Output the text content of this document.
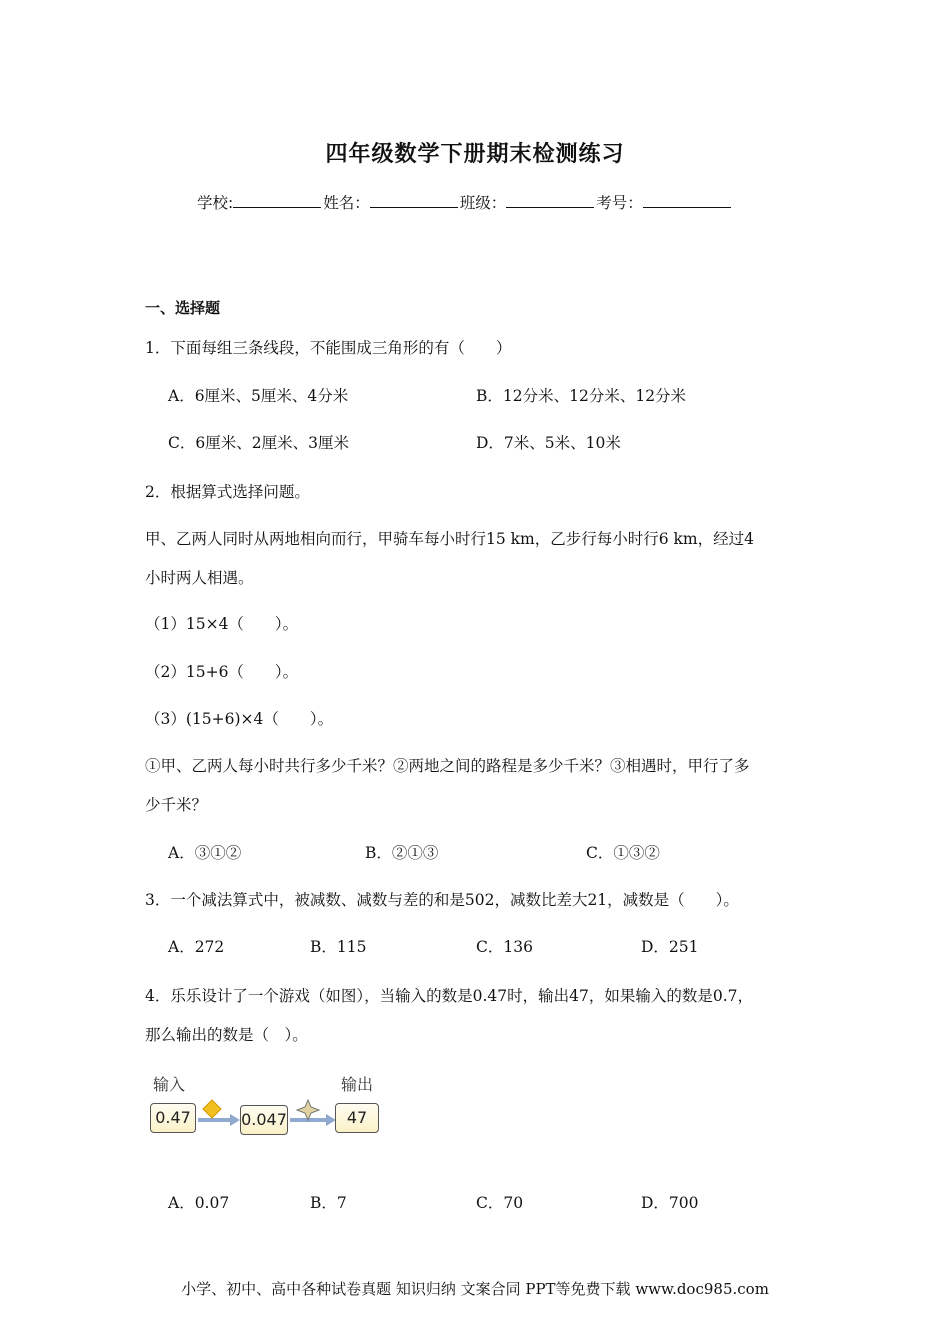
四年级数学下册期末检测练习
学校:	姓名：	班级：	考号：
一、选择题
1．下面每组三条线段，不能围成三角形的有（　　）
A．6厘米、5厘米、4分米	B．12分米、12分米、12分米
C．6厘米、2厘米、3厘米	D．7米、5米、10米
2．根据算式选择问题。
甲、乙两人同时从两地相向而行，甲骑车每小时行15 km，乙步行每小时行6 km，经过4
小时两人相遇。
（1）15×4（　　）。
（2）15+6（　　）。
（3）(15+6)×4（　　）。
①甲、乙两人每小时共行多少千米？②两地之间的路程是多少千米？③相遇时，甲行了多
少千米？
A．③①②	B．②①③	C．①③②
3．一个减法算式中，被减数、减数与差的和是502，减数比差大21，减数是（　　）。
A．272	B．115	C．136	D．251
4．乐乐设计了一个游戏（如图），当输入的数是0.47时，输出47，如果输入的数是0.7，
那么输出的数是（　）。
输入	输出
0.47	0.047	47
A．0.07	B．7	C．70	D．700
小学、初中、高中各种试卷真题 知识归纳 文案合同 PPT等免费下载 www.doc985.com
